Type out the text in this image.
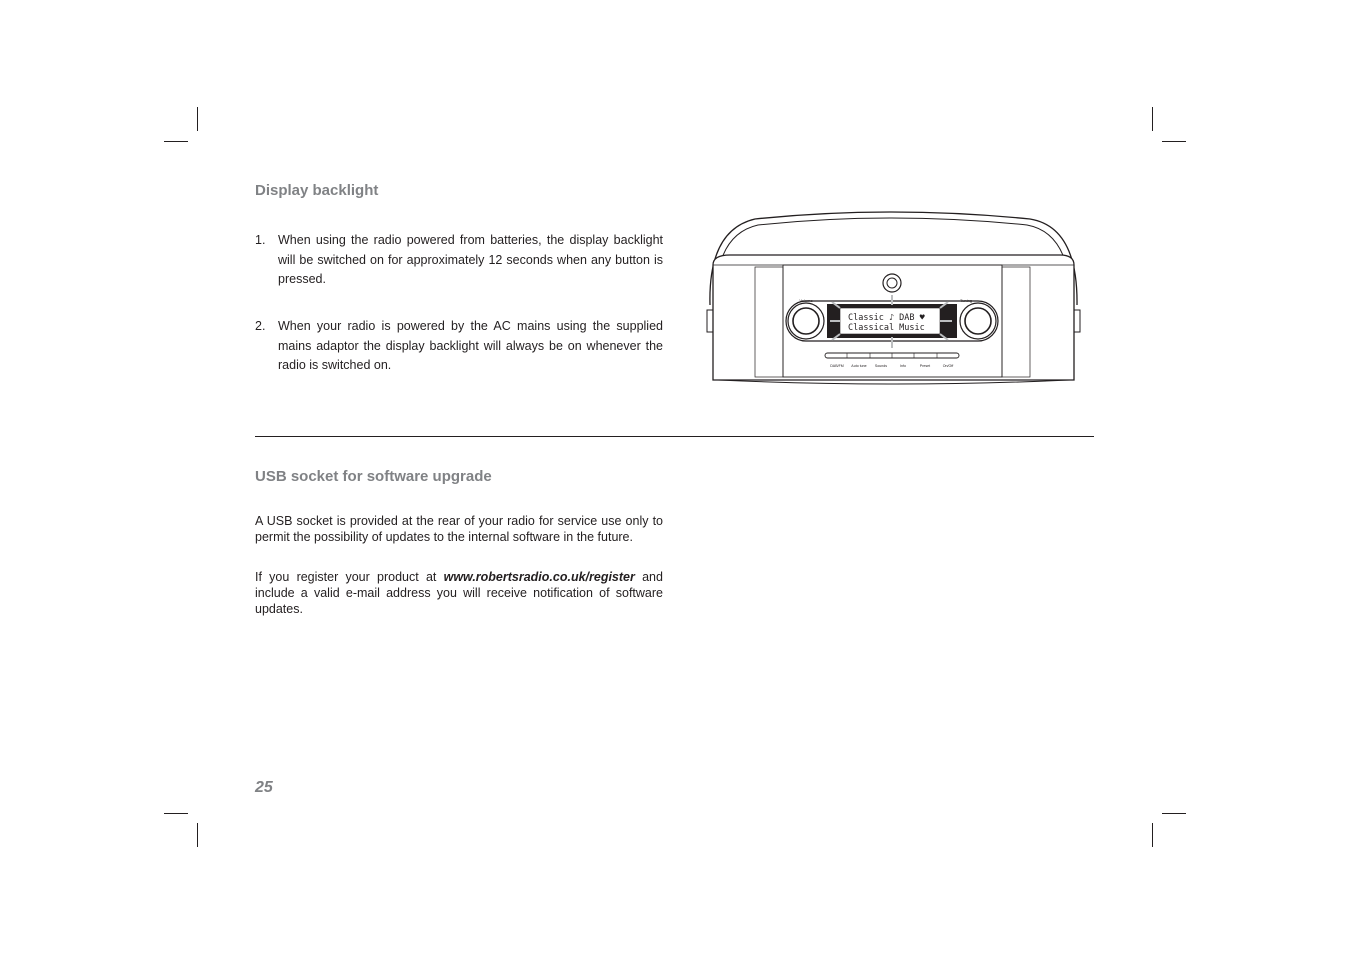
Display backlight
1. When using the radio powered from batteries, the display backlight will be switched on for approximately 12 seconds when any button is pressed.
2. When your radio is powered by the AC mains using the supplied mains adaptor the display backlight will always be on whenever the radio is switched on.
Classic ♪ DAB ♥
Classical Music
Volume	Tuning
DAB/FM Auto tune Sounds	Info	Preset	On/Off
USB socket for software upgrade

A USB socket is provided at the rear of your radio for service use only to permit the possibility of updates to the internal software in the future.

If you register your product at www.robertsradio.co.uk/register and include a valid e-mail address you will receive notification of software updates.

25
